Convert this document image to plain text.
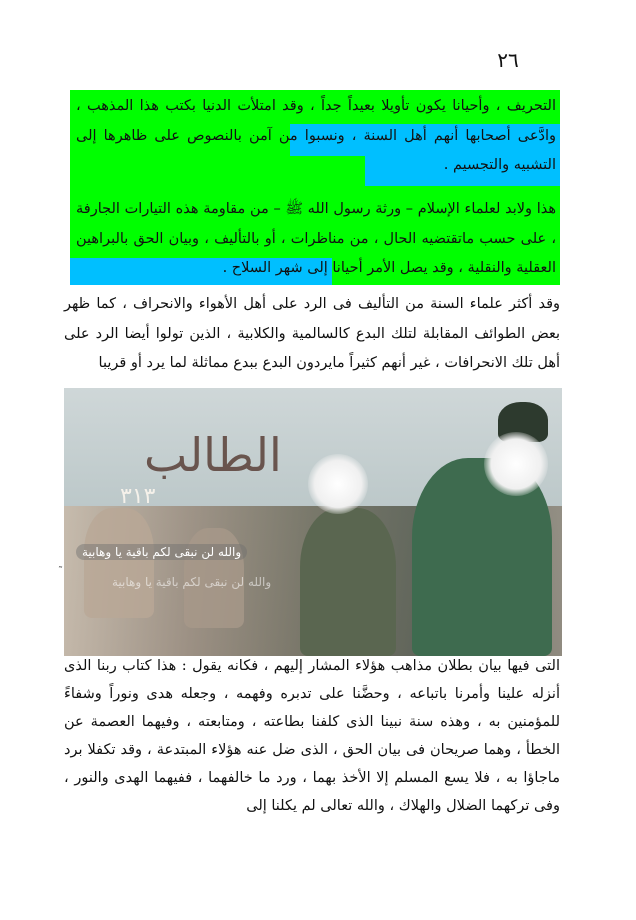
٢٦
التحريف ، وأحيانا يكون تأويلا بعيداً جداً ، وقد امتلأت الدنيا بكتب هذا المذهب ، وادَّعى أصحابها أنهم أهل السنة ، ونسبوا من آمن بالنصوص على ظاهرها إلى التشبيه والتجسيم .
هذا ولابد لعلماء الإسلام – ورثة رسول الله ﷺ – من مقاومة هذه التيارات الجارفة ، على حسب ماتقتضيه الحال ، من مناظرات ، أو بالتأليف ، وبيان الحق بالبراهين العقلية والنقلية ، وقد يصل الأمر أحيانا إلى شهر السلاح .
وقد أكثر علماء السنة من التأليف فى الرد على أهل الأهواء والانحراف ، كما ظهر بعض الطوائف المقابلة لتلك البدع كالسالمية والكلابية ، الذين تولوا أيضا الرد على أهل تلك الانحرافات ، غير أنهم كثيراً مايردون البدع ببدع مماثلة لما يرد أو قريبا
الطالب
٣١٣
والله لن نبقى لكم باقية يا وهابية
والله لن نبقى لكم باقية يا وهابية
˜
التى فيها بيان بطلان مذاهب هؤلاء المشار إليهم ، فكانه يقول : هذا كتاب ربنا الذى أنزله علينا وأمرنا باتباعه ، وحضَّنا على تدبره وفهمه ، وجعله هدى ونوراً وشفاءً للمؤمنين به ، وهذه سنة نبينا الذى كلفنا بطاعته ، ومتابعته ، وفيهما العصمة عن الخطأ ، وهما صريحان فى بيان الحق ، الذى ضل عنه هؤلاء المبتدعة ، وقد تكفلا برد ماجاؤا به ، فلا يسع المسلم إلا الأخذ بهما ، ورد ما خالفهما ، ففيهما الهدى والنور ، وفى تركهما الضلال والهلاك ، والله تعالى لم يكلنا إلى
